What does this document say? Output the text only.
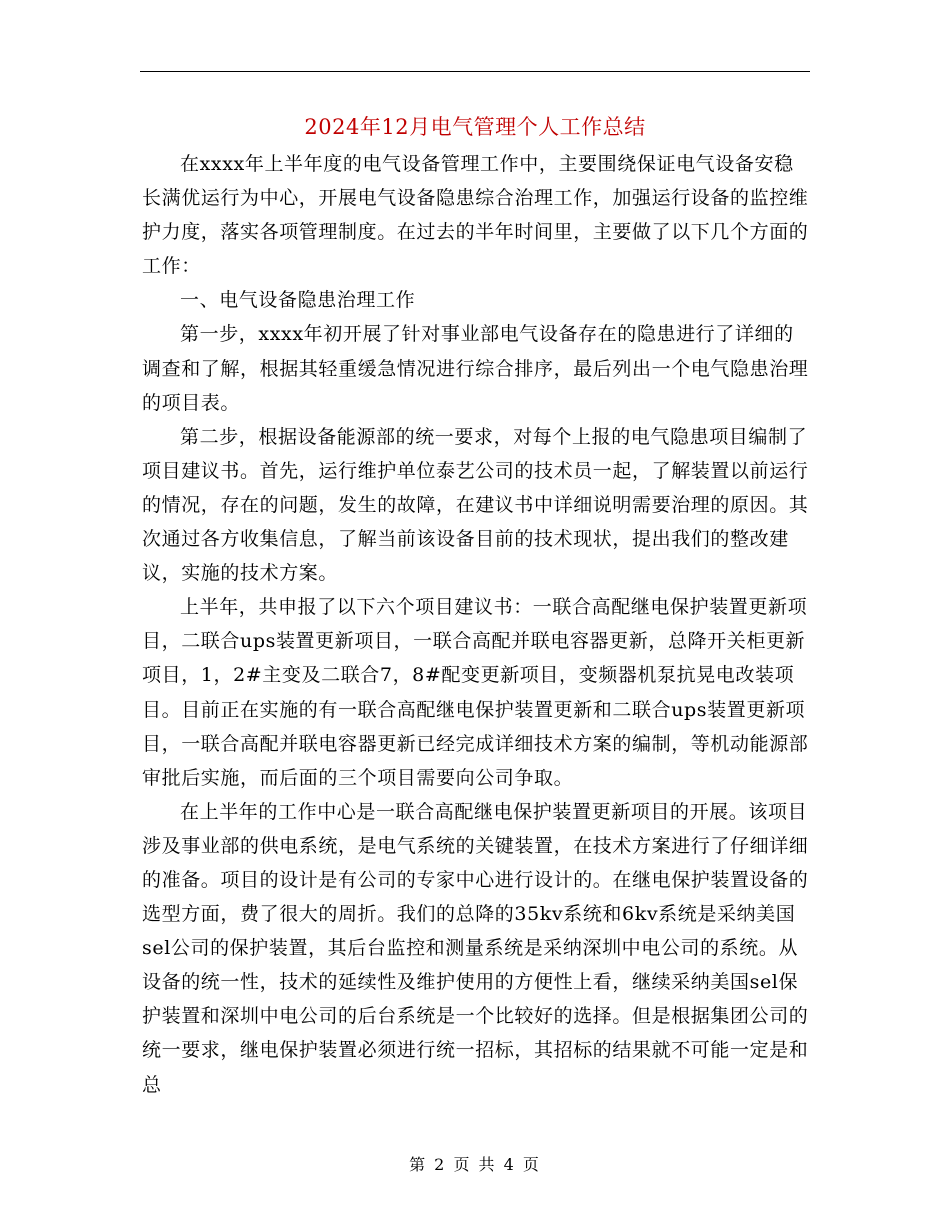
2024年12月电气管理个人工作总结

在xxxx年上半年度的电气设备管理工作中，主要围绕保证电气设备安稳长满优运行为中心，开展电气设备隐患综合治理工作，加强运行设备的监控维护力度，落实各项管理制度。在过去的半年时间里，主要做了以下几个方面的工作：

一、电气设备隐患治理工作

第一步，xxxx年初开展了针对事业部电气设备存在的隐患进行了详细的调查和了解，根据其轻重缓急情况进行综合排序，最后列出一个电气隐患治理的项目表。

第二步，根据设备能源部的统一要求，对每个上报的电气隐患项目编制了项目建议书。首先，运行维护单位泰艺公司的技术员一起，了解装置以前运行的情况，存在的问题，发生的故障，在建议书中详细说明需要治理的原因。其次通过各方收集信息，了解当前该设备目前的技术现状，提出我们的整改建议，实施的技术方案。

上半年，共申报了以下六个项目建议书：一联合高配继电保护装置更新项目，二联合ups装置更新项目，一联合高配并联电容器更新，总降开关柜更新项目，1，2#主变及二联合7，8#配变更新项目，变频器机泵抗晃电改装项目。目前正在实施的有一联合高配继电保护装置更新和二联合ups装置更新项目，一联合高配并联电容器更新已经完成详细技术方案的编制，等机动能源部审批后实施，而后面的三个项目需要向公司争取。

在上半年的工作中心是一联合高配继电保护装置更新项目的开展。该项目涉及事业部的供电系统，是电气系统的关键装置，在技术方案进行了仔细详细的准备。项目的设计是有公司的专家中心进行设计的。在继电保护装置设备的选型方面，费了很大的周折。我们的总降的35kv系统和6kv系统是采纳美国sel公司的保护装置，其后台监控和测量系统是采纳深圳中电公司的系统。从设备的统一性，技术的延续性及维护使用的方便性上看，继续采纳美国sel保护装置和深圳中电公司的后台系统是一个比较好的选择。但是根据集团公司的统一要求，继电保护装置必须进行统一招标，其招标的结果就不可能一定是和总

第 2 页 共 4 页
